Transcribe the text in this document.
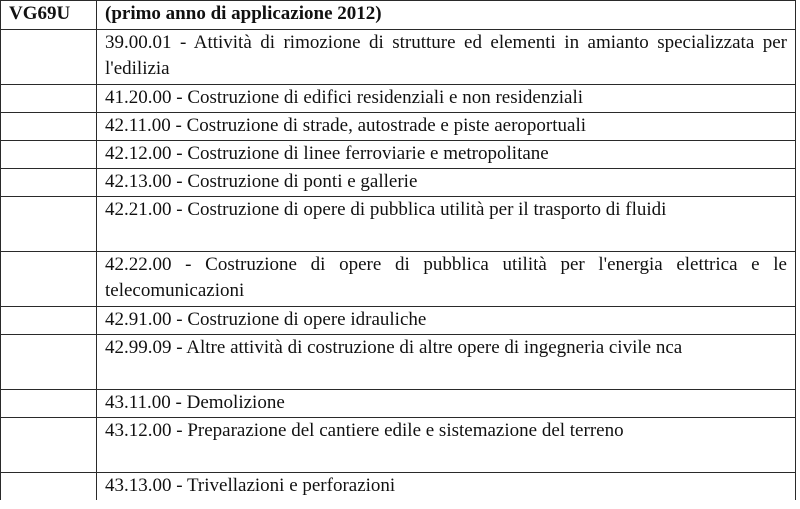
VG69U	(primo anno di applicazione 2012)
	39.00.01 - Attività di rimozione di strutture ed elementi in amianto specializzata per l'edilizia
	41.20.00 - Costruzione di edifici residenziali e non residenziali
	42.11.00 - Costruzione di strade, autostrade e piste aeroportuali
	42.12.00 - Costruzione di linee ferroviarie e metropolitane
	42.13.00 - Costruzione di ponti e gallerie
	42.21.00 - Costruzione di opere di pubblica utilità per il trasporto di fluidi
	42.22.00 - Costruzione di opere di pubblica utilità per l'energia elettrica e le telecomunicazioni
	42.91.00 - Costruzione di opere idrauliche
	42.99.09 - Altre attività di costruzione di altre opere di ingegneria civile nca
	43.11.00 - Demolizione
	43.12.00 - Preparazione del cantiere edile e sistemazione del terreno
	43.13.00 - Trivellazioni e perforazioni
